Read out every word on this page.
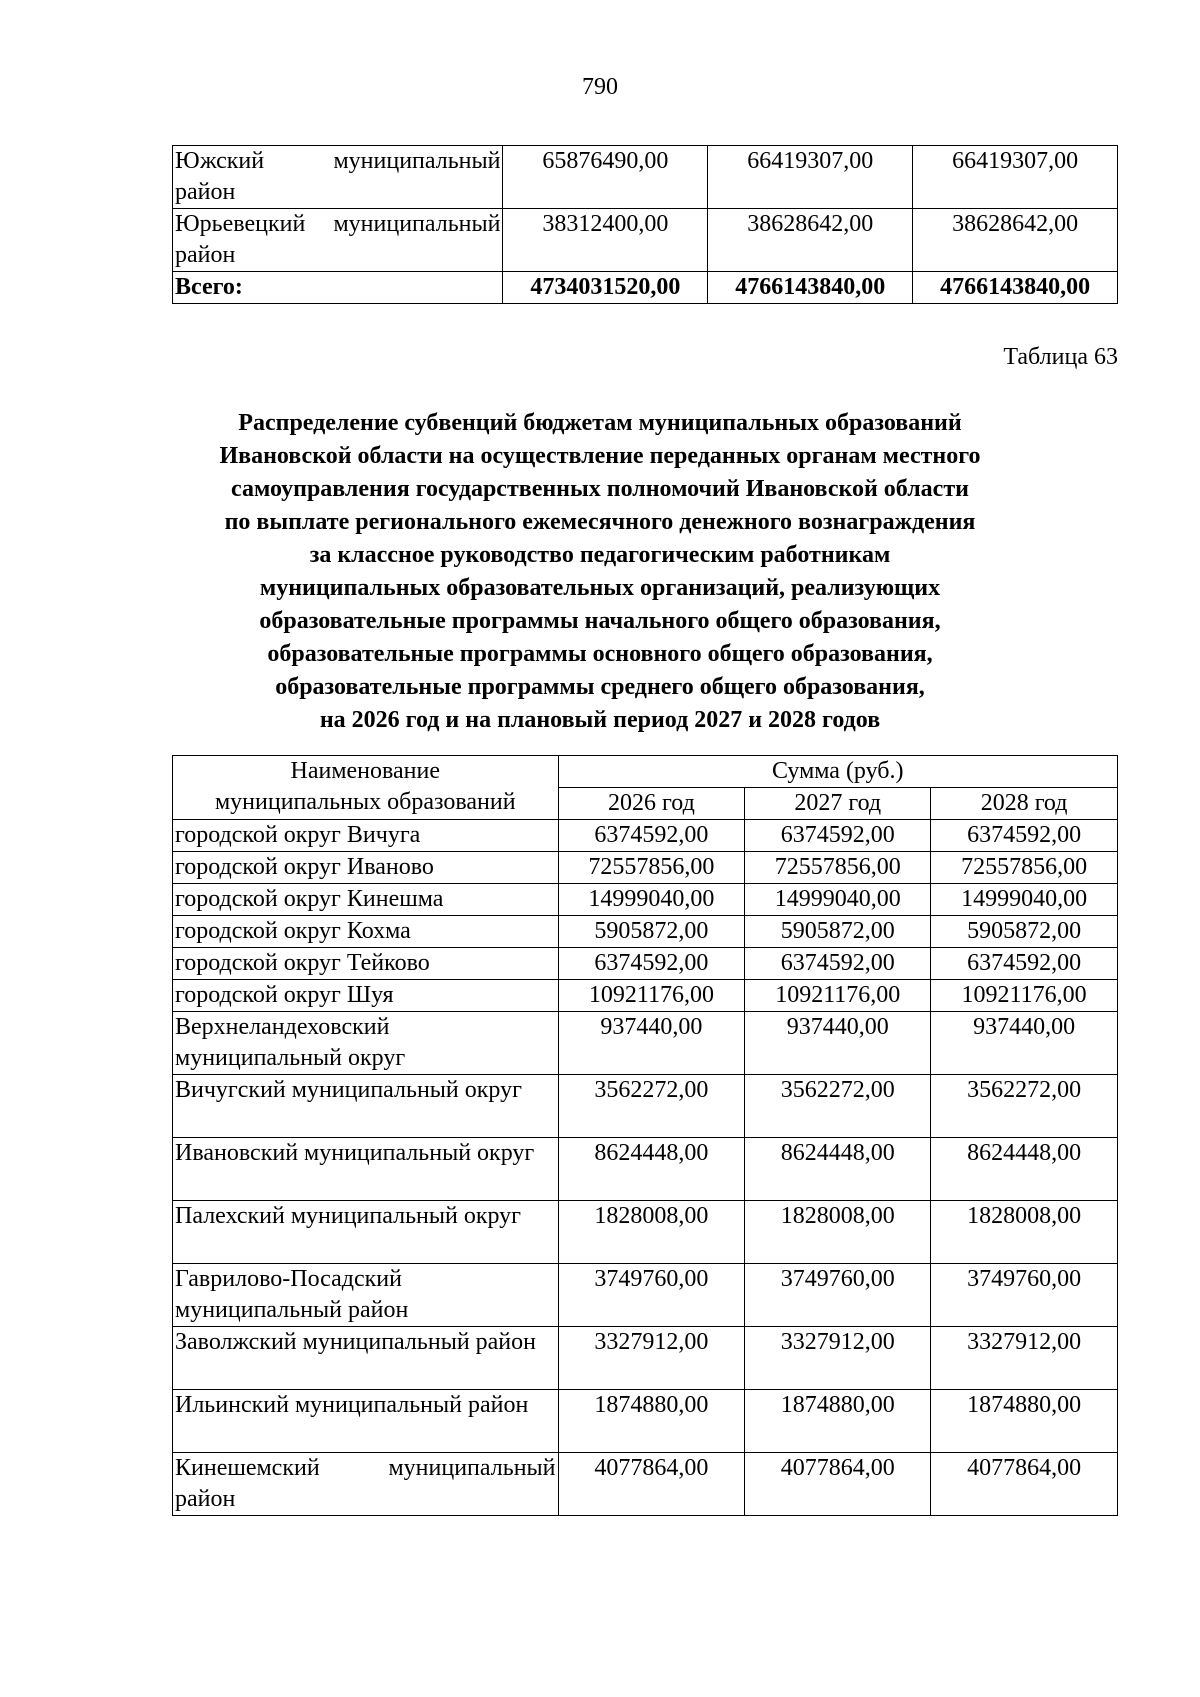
790
Южский муниципальный район	65876490,00	66419307,00	66419307,00
Юрьевецкий муниципальный район	38312400,00	38628642,00	38628642,00
Всего:	4734031520,00	4766143840,00	4766143840,00
Таблица 63
Распределение субвенций бюджетам муниципальных образований
Ивановской области на осуществление переданных органам местного
самоуправления государственных полномочий Ивановской области
по выплате регионального ежемесячного денежного вознаграждения
за классное руководство педагогическим работникам
муниципальных образовательных организаций, реализующих
образовательные программы начального общего образования,
образовательные программы основного общего образования,
образовательные программы среднего общего образования,
на 2026 год и на плановый период 2027 и 2028 годов
Наименование
муниципальных образований	Сумма (руб.)		
	2026 год	2027 год	2028 год
городской округ Вичуга	6374592,00	6374592,00	6374592,00
городской округ Иваново	72557856,00	72557856,00	72557856,00
городской округ Кинешма	14999040,00	14999040,00	14999040,00
городской округ Кохма	5905872,00	5905872,00	5905872,00
городской округ Тейково	6374592,00	6374592,00	6374592,00
городской округ Шуя	10921176,00	10921176,00	10921176,00
Верхнеландеховский муниципальный округ	937440,00	937440,00	937440,00
Вичугский муниципальный округ	3562272,00	3562272,00	3562272,00
Ивановский муниципальный округ	8624448,00	8624448,00	8624448,00
Палехский муниципальный округ	1828008,00	1828008,00	1828008,00
Гаврилово-Посадский муниципальный район	3749760,00	3749760,00	3749760,00
Заволжский муниципальный район	3327912,00	3327912,00	3327912,00
Ильинский муниципальный район	1874880,00	1874880,00	1874880,00
Кинешемский муниципальный район	4077864,00	4077864,00	4077864,00
